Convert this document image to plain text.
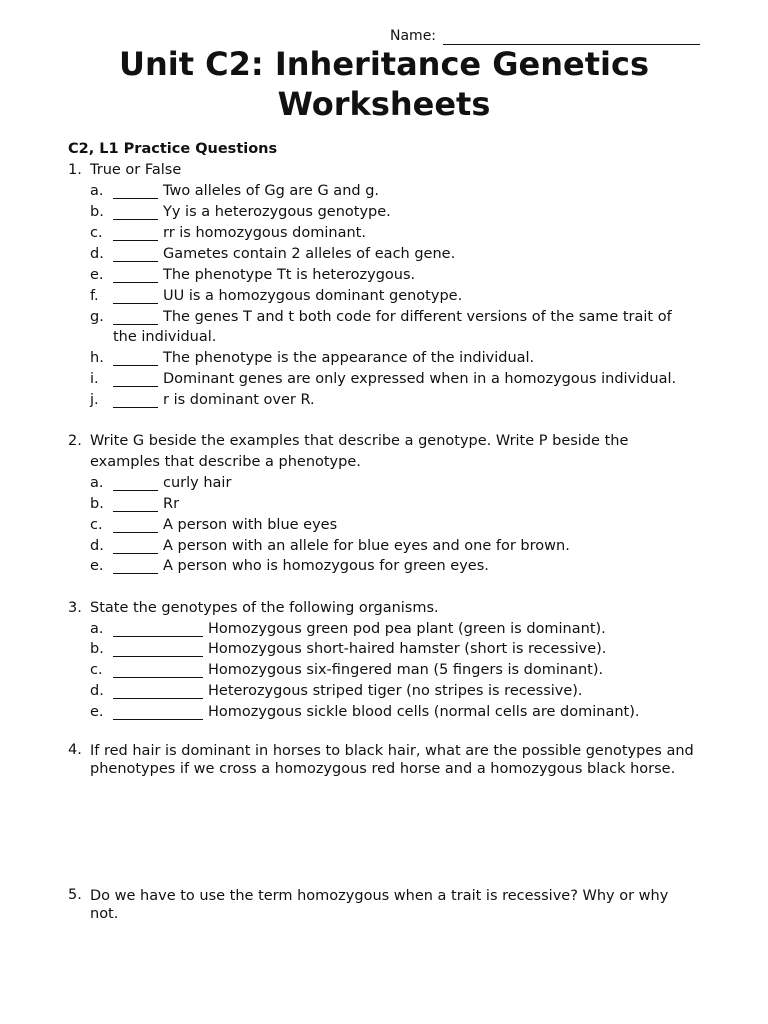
Name:
Unit C2: Inheritance Genetics
Worksheets
C2, L1 Practice Questions
1. True or False
a.	Two alleles of Gg are G and g.
b.	Yy is a heterozygous genotype.
c.	rr is homozygous dominant.
d.	Gametes contain 2 alleles of each gene.
e.	The phenotype Tt is heterozygous.
f.	UU is a homozygous dominant genotype.
g.	The genes T and t both code for different versions of the same trait of
the individual.
h.	The phenotype is the appearance of the individual.
i.	Dominant genes are only expressed when in a homozygous individual.
j.	r is dominant over R.
2. Write G beside the examples that describe a genotype. Write P beside the
examples that describe a phenotype.
a.	curly hair
b.	Rr
c.	A person with blue eyes
d.	A person with an allele for blue eyes and one for brown.
e.	A person who is homozygous for green eyes.
3. State the genotypes of the following organisms.
a.	Homozygous green pod pea plant (green is dominant).
b.	Homozygous short-haired hamster (short is recessive).
c.	Homozygous six-fingered man (5 fingers is dominant).
d.	Heterozygous striped tiger (no stripes is recessive).
e.	Homozygous sickle blood cells (normal cells are dominant).
4. If red hair is dominant in horses to black hair, what are the possible genotypes and phenotypes if we cross a homozygous red horse and a homozygous black horse.
5. Do we have to use the term homozygous when a trait is recessive? Why or why not.
